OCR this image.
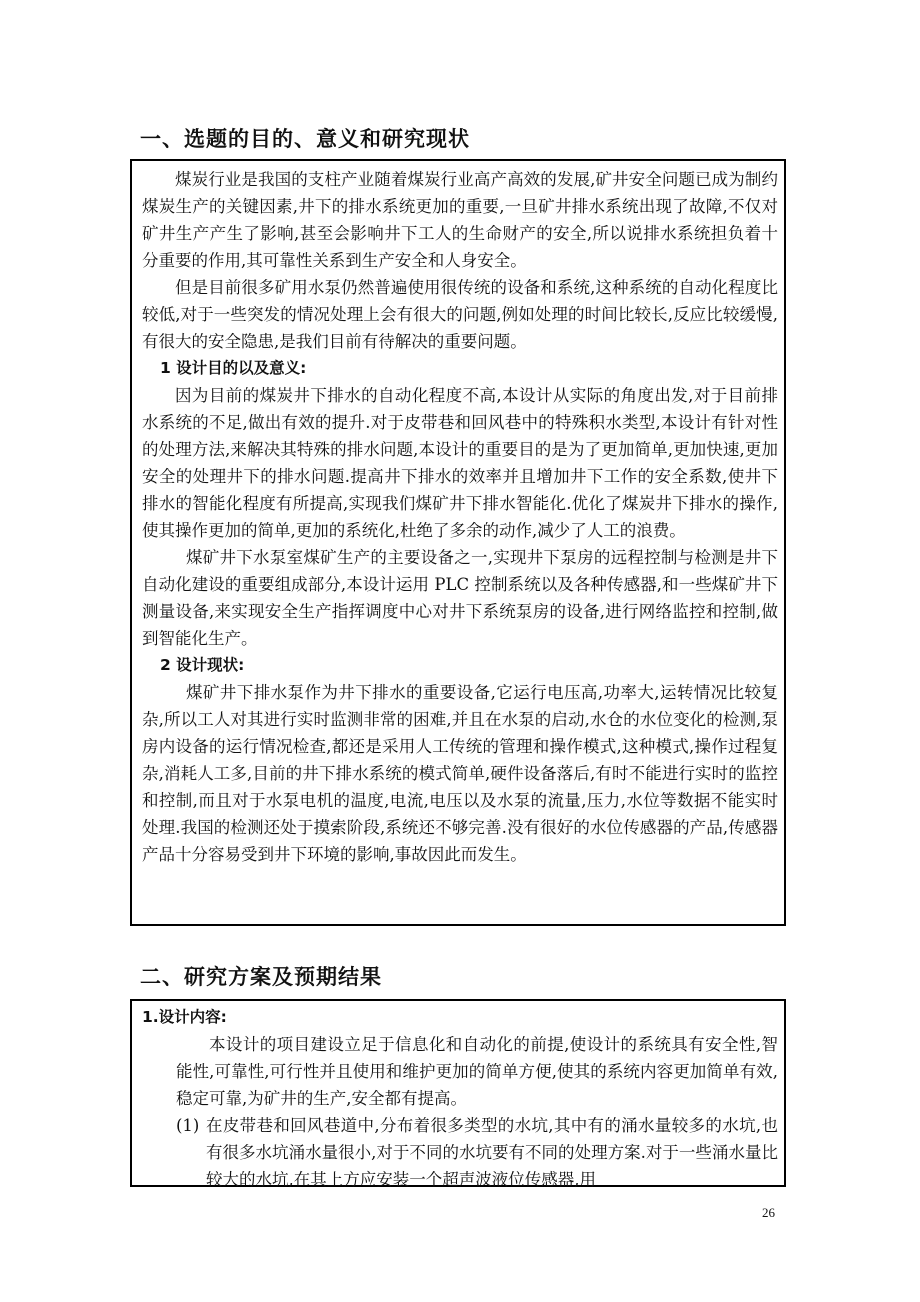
一、选题的目的、意义和研究现状

煤炭行业是我国的支柱产业随着煤炭行业高产高效的发展,矿井安全问题已成为制约煤炭生产的关键因素,井下的排水系统更加的重要,一旦矿井排水系统出现了故障,不仅对矿井生产产生了影响,甚至会影响井下工人的生命财产的安全,所以说排水系统担负着十分重要的作用,其可靠性关系到生产安全和人身安全。

但是目前很多矿用水泵仍然普遍使用很传统的设备和系统,这种系统的自动化程度比较低,对于一些突发的情况处理上会有很大的问题,例如处理的时间比较长,反应比较缓慢,有很大的安全隐患,是我们目前有待解决的重要问题。

1 设计目的以及意义:

因为目前的煤炭井下排水的自动化程度不高,本设计从实际的角度出发,对于目前排水系统的不足,做出有效的提升.对于皮带巷和回风巷中的特殊积水类型,本设计有针对性的处理方法,来解决其特殊的排水问题,本设计的重要目的是为了更加简单,更加快速,更加安全的处理井下的排水问题.提高井下排水的效率并且增加井下工作的安全系数,使井下排水的智能化程度有所提高,实现我们煤矿井下排水智能化.优化了煤炭井下排水的操作,使其操作更加的简单,更加的系统化,杜绝了多余的动作,减少了人工的浪费。

煤矿井下水泵室煤矿生产的主要设备之一,实现井下泵房的远程控制与检测是井下自动化建设的重要组成部分,本设计运用 PLC 控制系统以及各种传感器,和一些煤矿井下测量设备,来实现安全生产指挥调度中心对井下系统泵房的设备,进行网络监控和控制,做到智能化生产。

2 设计现状:

煤矿井下排水泵作为井下排水的重要设备,它运行电压高,功率大,运转情况比较复杂,所以工人对其进行实时监测非常的困难,并且在水泵的启动,水仓的水位变化的检测,泵房内设备的运行情况检查,都还是采用人工传统的管理和操作模式,这种模式,操作过程复杂,消耗人工多,目前的井下排水系统的模式简单,硬件设备落后,有时不能进行实时的监控和控制,而且对于水泵电机的温度,电流,电压以及水泵的流量,压力,水位等数据不能实时处理.我国的检测还处于摸索阶段,系统还不够完善.没有很好的水位传感器的产品,传感器产品十分容易受到井下环境的影响,事故因此而发生。

二、研究方案及预期结果
1.设计内容:

本设计的项目建设立足于信息化和自动化的前提,使设计的系统具有安全性,智能性,可靠性,可行性并且使用和维护更加的简单方便,使其的系统内容更加简单有效,稳定可靠,为矿井的生产,安全都有提高。

(1) 在皮带巷和回风巷道中,分布着很多类型的水坑,其中有的涌水量较多的水坑,也有很多水坑涌水量很小,对于不同的水坑要有不同的处理方案.对于一些涌水量比较大的水坑,在其上方应安装一个超声波液位传感器,用

26
